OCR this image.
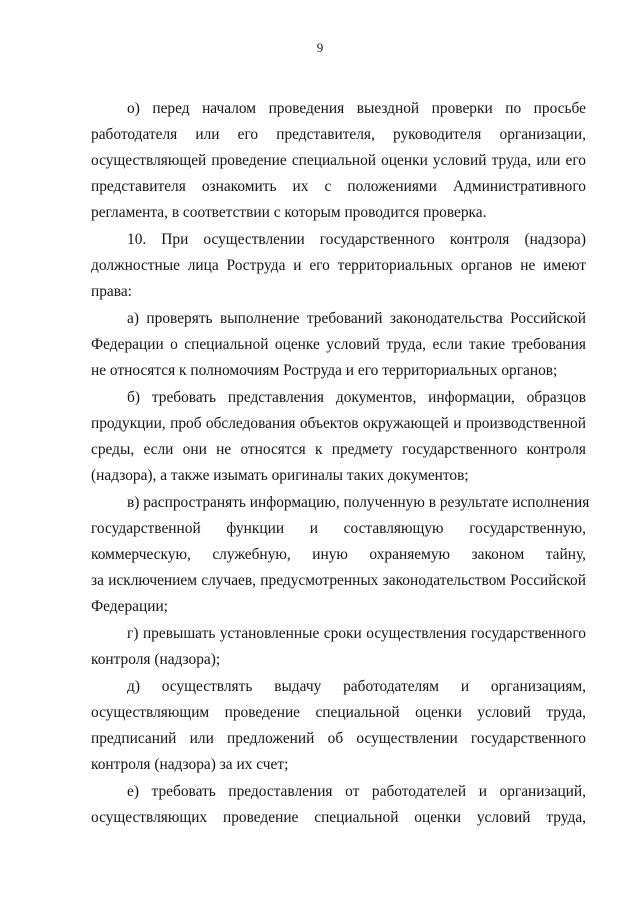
9
о) перед началом проведения выездной проверки по просьбе
работодателя или его представителя, руководителя организации,
осуществляющей проведение специальной оценки условий труда, или его
представителя ознакомить их с положениями Административного
регламента, в соответствии с которым проводится проверка.
10. При осуществлении государственного контроля (надзора)
должностные лица Роструда и его территориальных органов не имеют
права:
а) проверять выполнение требований законодательства Российской
Федерации о специальной оценке условий труда, если такие требования
не относятся к полномочиям Роструда и его территориальных органов;
б) требовать представления документов, информации, образцов
продукции, проб обследования объектов окружающей и производственной
среды, если они не относятся к предмету государственного контроля
(надзора), а также изымать оригиналы таких документов;
в) распространять информацию, полученную в результате исполнения
государственной функции и составляющую государственную,
коммерческую, служебную, иную охраняемую законом тайну,
за исключением случаев, предусмотренных законодательством Российской
Федерации;
г) превышать установленные сроки осуществления государственного
контроля (надзора);
д) осуществлять выдачу работодателям и организациям,
осуществляющим проведение специальной оценки условий труда,
предписаний или предложений об осуществлении государственного
контроля (надзора) за их счет;
е) требовать предоставления от работодателей и организаций,
осуществляющих проведение специальной оценки условий труда,
